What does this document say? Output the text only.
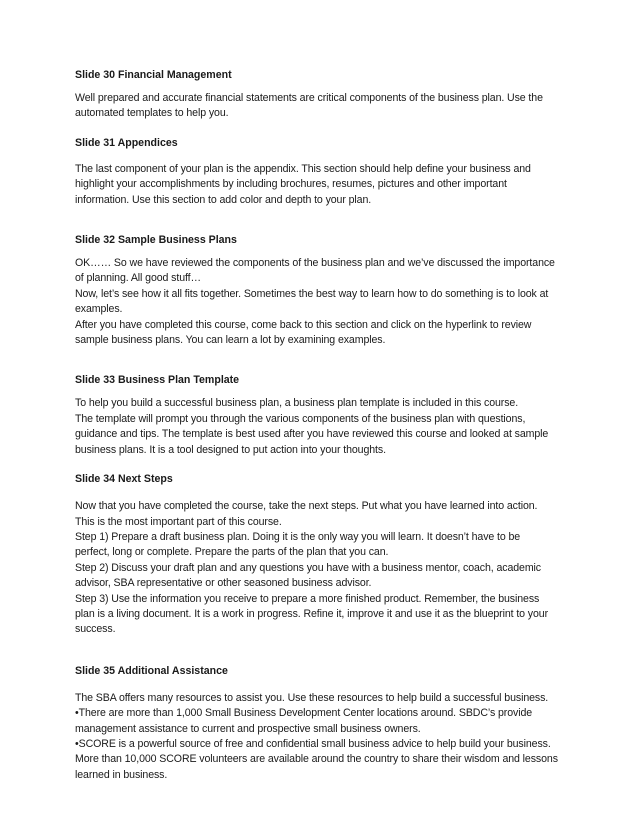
Slide 30 Financial Management
Well prepared and accurate financial statements are critical components of the business plan. Use the
automated templates to help you.
Slide 31 Appendices
The last component of your plan is the appendix. This section should help define your business and
highlight your accomplishments by including brochures, resumes, pictures and other important
information. Use this section to add color and depth to your plan.
Slide 32 Sample Business Plans
OK…… So we have reviewed the components of the business plan and we’ve discussed the importance
of planning. All good stuff…
Now, let’s see how it all fits together. Sometimes the best way to learn how to do something is to look at
examples.
After you have completed this course, come back to this section and click on the hyperlink to review
sample business plans. You can learn a lot by examining examples.
Slide 33 Business Plan Template
To help you build a successful business plan, a business plan template is included in this course.
The template will prompt you through the various components of the business plan with questions,
guidance and tips. The template is best used after you have reviewed this course and looked at sample
business plans. It is a tool designed to put action into your thoughts.
Slide 34 Next Steps
Now that you have completed the course, take the next steps. Put what you have learned into action.
This is the most important part of this course.
Step 1) Prepare a draft business plan. Doing it is the only way you will learn. It doesn’t have to be
perfect, long or complete. Prepare the parts of the plan that you can.
Step 2) Discuss your draft plan and any questions you have with a business mentor, coach, academic
advisor, SBA representative or other seasoned business advisor.
Step 3) Use the information you receive to prepare a more finished product. Remember, the business
plan is a living document. It is a work in progress. Refine it, improve it and use it as the blueprint to your
success.
Slide 35 Additional Assistance
The SBA offers many resources to assist you. Use these resources to help build a successful business.
•There are more than 1,000 Small Business Development Center locations around. SBDC’s provide
management assistance to current and prospective small business owners.
•SCORE is a powerful source of free and confidential small business advice to help build your business.
More than 10,000 SCORE volunteers are available around the country to share their wisdom and lessons
learned in business.
